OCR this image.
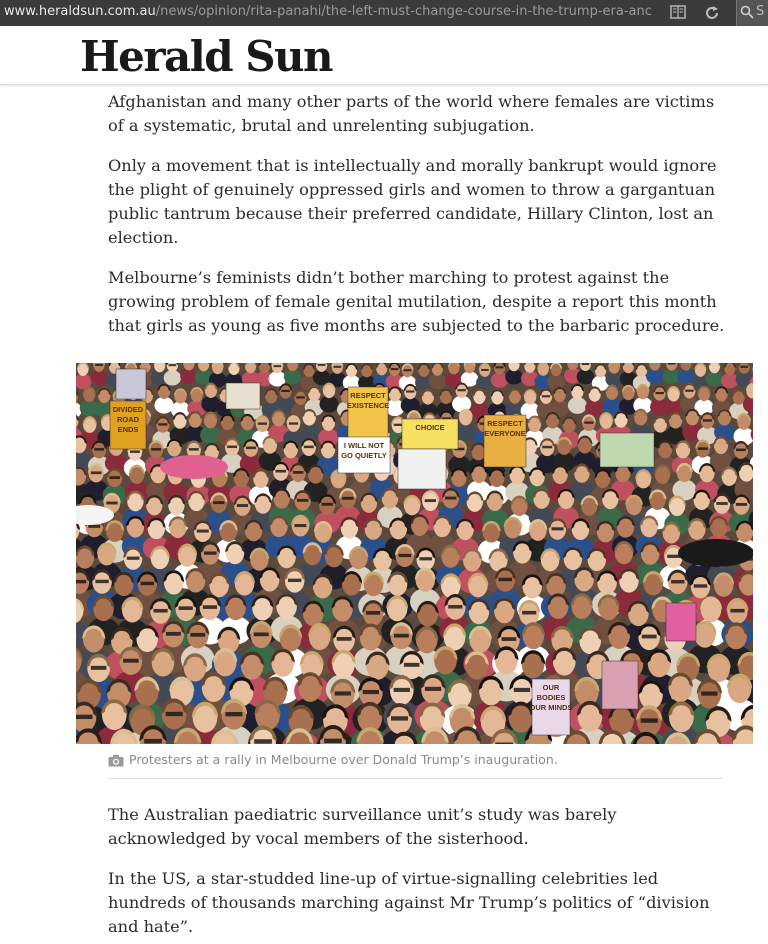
www.heraldsun.com.au/news/opinion/rita-panahi/the-left-must-change-course-in-the-trump-era-anc	S
Herald Sun

Afghanistan and many other parts of the world where females are victims of a systematic, brutal and unrelenting subjugation.

Only a movement that is intellectually and morally bankrupt would ignore the plight of genuinely oppressed girls and women to throw a gargantuan public tantrum because their preferred candidate, Hillary Clinton, lost an election.

Melbourne’s feminists didn’t bother marching to protest against the growing problem of female genital mutilation, despite a report this month that girls as young as five months are subjected to the barbaric procedure.

DIVIDED
ROAD
ENDS
RESPECT
EXISTENCE
CHOICE	RESPECT
EVERYONE
I WILL NOT
GO QUIETLY
OUR
BODIES
OUR MINDS
Protesters at a rally in Melbourne over Donald Trump’s inauguration.

The Australian paediatric surveillance unit’s study was barely acknowledged by vocal members of the sisterhood.

In the US, a star-studded line-up of virtue-signalling celebrities led hundreds of thousands marching against Mr Trump’s politics of “division and hate”.
